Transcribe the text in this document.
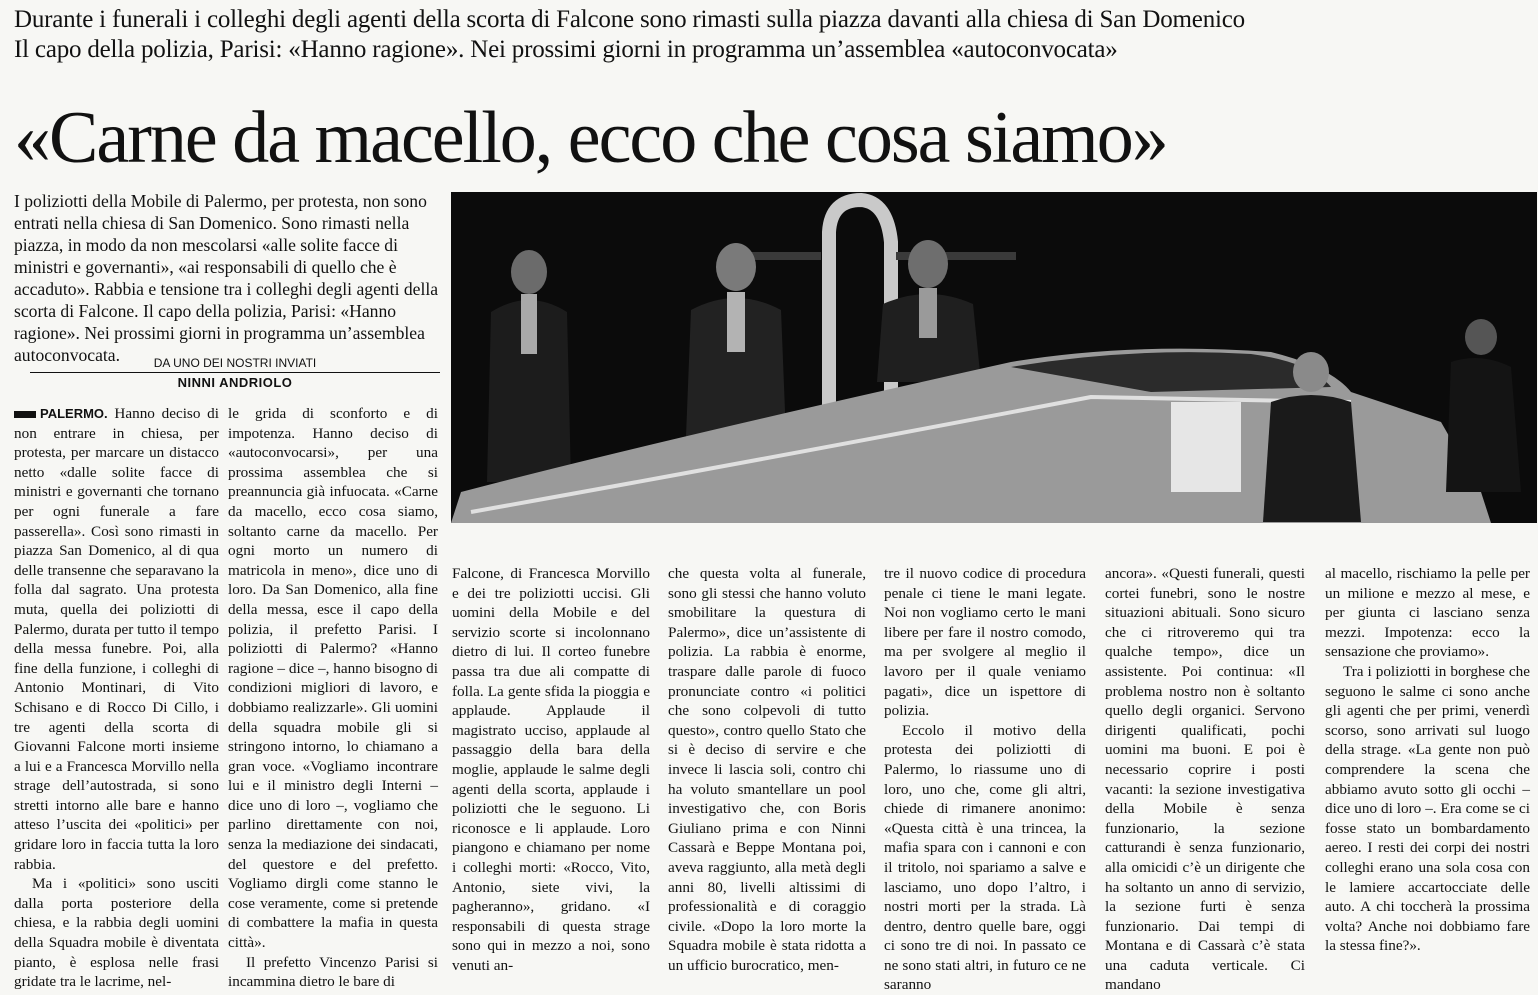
Durante i funerali i colleghi degli agenti della scorta di Falcone sono rimasti sulla piazza davanti alla chiesa di San Domenico
Il capo della polizia, Parisi: «Hanno ragione». Nei prossimi giorni in programma un’assemblea «autoconvocata»
«Carne da macello, ecco che cosa siamo»
I poliziotti della Mobile di Palermo, per protesta, non sono entrati nella chiesa di San Domenico. Sono rimasti nella piazza, in modo da non mescolarsi «alle solite facce di ministri e governanti», «ai responsabili di quello che è accaduto». Rabbia e tensione tra i colleghi degli agenti della scorta di Falcone. Il capo della polizia, Parisi: «Hanno ragione». Nei prossimi giorni in programma un’assemblea autoconvocata.	DA UNO DEI NOSTRI INVIATI
NINNI ANDRIOLO

PALERMO. Hanno deciso di non entrare in chiesa, per protesta, per marcare un distacco netto «dalle solite facce di ministri e governanti che tornano per ogni funerale a fare passerella». Così sono rimasti in piazza San Domenico, al di qua delle transenne che separavano la folla dal sagrato. Una protesta muta, quella dei poliziotti di Palermo, durata per tutto il tempo della messa funebre. Poi, alla fine della funzione, i colleghi di Antonio Montinari, di Vito Schisano e di Rocco Di Cillo, i tre agenti della scorta di Giovanni Falcone morti insieme a lui e a Francesca Morvillo nella strage dell’autostrada, si sono stretti intorno alle bare e hanno atteso l’uscita dei «politici» per gridare loro in faccia tutta la loro rabbia.

Ma i «politici» sono usciti dalla porta posteriore della chiesa, e la rabbia degli uomini della Squadra mobile è diventata pianto, è esplosa nelle frasi gridate tra le lacrime, nel-

le grida di sconforto e di impotenza. Hanno deciso di «autoconvocarsi», per una prossima assemblea che si preannuncia già infuocata. «Carne da macello, ecco cosa siamo, soltanto carne da macello. Per ogni morto un numero di matricola in meno», dice uno di loro. Da San Domenico, alla fine della messa, esce il capo della polizia, il prefetto Parisi. I poliziotti di Palermo? «Hanno ragione – dice –, hanno bisogno di condizioni migliori di lavoro, e dobbiamo realizzarle». Gli uomini della squadra mobile gli si stringono intorno, lo chiamano a gran voce. «Vogliamo incontrare lui e il ministro degli Interni – dice uno di loro –, vogliamo che parlino direttamente con noi, senza la mediazione dei sindacati, del questore e del prefetto. Vogliamo dirgli come stanno le cose veramente, come si pretende di combattere la mafia in questa città».

Il prefetto Vincenzo Parisi si incammina dietro le bare di

Falcone, di Francesca Morvillo e dei tre poliziotti uccisi. Gli uomini della Mobile e del servizio scorte si incolonnano dietro di lui. Il corteo funebre passa tra due ali compatte di folla. La gente sfida la pioggia e applaude. Applaude il magistrato ucciso, applaude al passaggio della bara della moglie, applaude le salme degli agenti della scorta, applaude i poliziotti che le seguono. Li riconosce e li applaude. Loro piangono e chiamano per nome i colleghi morti: «Rocco, Vito, Antonio, siete vivi, la pagheranno», gridano. «I responsabili di questa strage sono qui in mezzo a noi, sono venuti an-

che questa volta al funerale, sono gli stessi che hanno voluto smobilitare la questura di Palermo», dice un’assistente di polizia. La rabbia è enorme, traspare dalle parole di fuoco pronunciate contro «i politici che sono colpevoli di tutto questo», contro quello Stato che si è deciso di servire e che invece li lascia soli, contro chi ha voluto smantellare un pool investigativo che, con Boris Giuliano prima e con Ninni Cassarà e Beppe Montana poi, aveva raggiunto, alla metà degli anni 80, livelli altissimi di professionalità e di coraggio civile. «Dopo la loro morte la Squadra mobile è stata ridotta a un ufficio burocratico, men-

tre il nuovo codice di procedura penale ci tiene le mani legate. Noi non vogliamo certo le mani libere per fare il nostro comodo, ma per svolgere al meglio il lavoro per il quale veniamo pagati», dice un ispettore di polizia.

Eccolo il motivo della protesta dei poliziotti di Palermo, lo riassume uno di loro, uno che, come gli altri, chiede di rimanere anonimo: «Questa città è una trincea, la mafia spara con i cannoni e con il tritolo, noi spariamo a salve e lasciamo, uno dopo l’altro, i nostri morti per la strada. Là dentro, dentro quelle bare, oggi ci sono tre di noi. In passato ce ne sono stati altri, in futuro ce ne saranno

ancora». «Questi funerali, questi cortei funebri, sono le nostre situazioni abituali. Sono sicuro che ci ritroveremo qui tra qualche tempo», dice un assistente. Poi continua: «Il problema nostro non è soltanto quello degli organici. Servono dirigenti qualificati, pochi uomini ma buoni. E poi è necessario coprire i posti vacanti: la sezione investigativa della Mobile è senza funzionario, la sezione catturandi è senza funzionario, alla omicidi c’è un dirigente che ha soltanto un anno di servizio, la sezione furti è senza funzionario. Dai tempi di Montana e di Cassarà c’è stata una caduta verticale. Ci mandano

al macello, rischiamo la pelle per un milione e mezzo al mese, e per giunta ci lasciano senza mezzi. Impotenza: ecco la sensazione che proviamo».

Tra i poliziotti in borghese che seguono le salme ci sono anche gli agenti che per primi, venerdì scorso, sono arrivati sul luogo della strage. «La gente non può comprendere la scena che abbiamo avuto sotto gli occhi – dice uno di loro –. Era come se ci fosse stato un bombardamento aereo. I resti dei corpi dei nostri colleghi erano una sola cosa con le lamiere accartocciate delle auto. A chi toccherà la prossima volta? Anche noi dobbiamo fare la stessa fine?».
